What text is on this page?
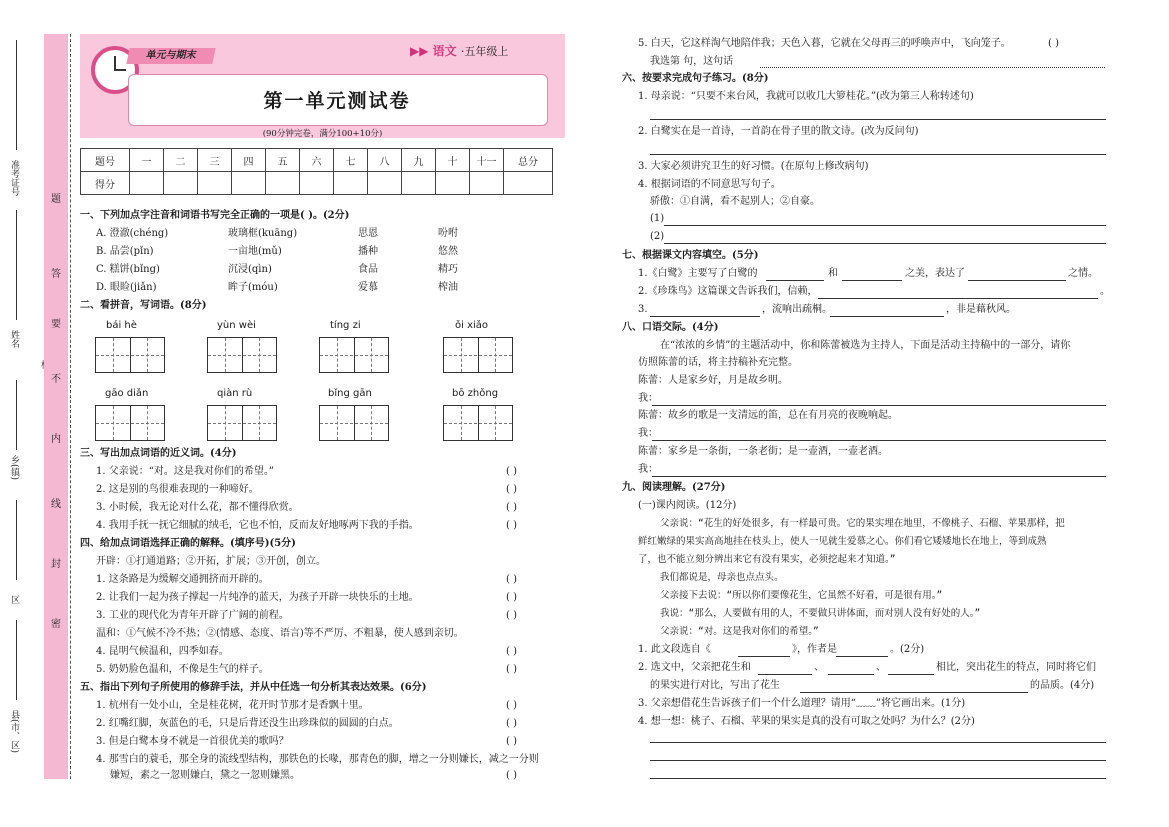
准考证号
姓名
乡(镇)
区
县(市、区)
题
答
要
不
内
线
封
密
单元与期末	▶▶ 语文 ·五年级上
第一单元测试卷
(90分钟完卷，满分100+10分)
题号	一	二	三	四	五	六	七	八	九	十	十一	总分
得分												
一、下列加点字注音和词语书写完全正确的一项是( )。(2分)
A. 澄澈(chéng)	玻璃框(kuāng)	思恩	吩咐
B. 品尝(pǐn)	一亩地(mǔ)	播种	悠然
C. 糕饼(bǐng)	沉浸(qìn)	食品	精巧
D. 眼睑(jiǎn)	眸子(móu)	爱慕	榨油
二、看拼音，写词语。(8分)
bái hè	yùn wèi	tíng zi	ǒi xiǎo
gāo diǎn	qiàn rù	bǐng gān	bō zhǒng
三、写出加点词语的近义词。(4分)
1. 父亲说：“对。这是我对你们的希望。”	( )
2. 这是别的鸟很难表现的一种啼好。	( )
3. 小时候，我无论对什么花，都不懂得欣赏。	( )
4. 我用手抚一抚它细腻的绒毛，它也不怕，反而友好地啄两下我的手指。	( )
四、给加点词语选择正确的解释。(填序号)(5分)
开辟：①打通道路；②开拓，扩展；③开创，创立。
1. 这条路是为缓解交通拥挤而开辟的。	( )
2. 让我们一起为孩子撑起一片纯净的蓝天，为孩子开辟一块快乐的土地。	( )
3. 工业的现代化为青年开辟了广阔的前程。	( )
温和：①气候不冷不热；②(情感、态度、语言)等不严厉、不粗暴，使人感到亲切。
4. 昆明气候温和，四季如春。	( )
5. 奶奶脸色温和，不像是生气的样子。	( )
五、指出下列句子所使用的修辞手法，并从中任选一句分析其表达效果。(6分)
1. 杭州有一处小山，全是桂花树，花开时节那才是香飘十里。	( )
2. 红嘴红脚，灰蓝色的毛，只是后背还没生出珍珠似的圆圆的白点。	( )
3. 但是白鹭本身不就是一首很优美的歌吗？	( )
4. 那雪白的蓑毛，那全身的流线型结构，那铁色的长喙，那青色的脚，增之一分则嫌长，减之一分则
嫌短，素之一忽则嫌白，黛之一忽则嫌黑。	( )
5. 白天，它这样淘气地陪伴我；天色入暮，它就在父母再三的呼唤声中，飞向笼子。	( )
我选第 句，这句话
六、按要求完成句子练习。(8分)
1. 母亲说：“只要不来台风，我就可以收几大箩桂花。”(改为第三人称转述句)
2. 白鹭实在是一首诗，一首韵在骨子里的散文诗。(改为反问句)
3. 大家必须讲究卫生的好习惯。(在原句上修改病句)
4. 根据词语的不同意思写句子。
骄傲：①自满，看不起别人；②自豪。
(1)
(2)
七、根据课文内容填空。(5分)
1.《白鹭》主要写了白鹭的	和	之美，表达了	之情。
2.《珍珠鸟》这篇课文告诉我们，信赖，	。
3.	，流响出疏桐。	，非是藉秋风。
八、口语交际。(4分)
在“浓浓的乡情”的主题活动中，你和陈蕾被选为主持人，下面是活动主持稿中的一部分，请你
仿照陈蕾的话，将主持稿补充完整。
陈蕾：人是家乡好，月是故乡明。
我：
陈蕾：故乡的歌是一支清远的笛，总在有月亮的夜晚响起。
我：
陈蕾：家乡是一条街，一条老街；是一壶酒，一壶老酒。
我：
九、阅读理解。(27分)
(一)课内阅读。(12分)
父亲说：“花生的好处很多，有一样最可贵。它的果实埋在地里，不像桃子、石榴、苹果那样，把
鲜红嫩绿的果实高高地挂在枝头上，使人一见就生爱慕之心。你们看它矮矮地长在地上，等到成熟
了，也不能立刻分辨出来它有没有果实，必须挖起来才知道。”
我们都说是，母亲也点点头。
父亲接下去说：“所以你们要像花生，它虽然不好看，可是很有用。”
我说：“那么，人要做有用的人，不要做只讲体面，而对别人没有好处的人。”
父亲说：“对。这是我对你们的希望。”
1. 此文段选自《	》，作者是	。(2分)
2. 选文中，父亲把花生和	、	、	相比，突出花生的特点，同时将它们
的果实进行对比，写出了花生	的品质。(4分)
3. 父亲想借花生告诉孩子们一个什么道理？请用“﹏﹏”将它画出来。(1分)
4. 想一想：桃子、石榴、苹果的果实是真的没有可取之处吗？为什么？(2分)
